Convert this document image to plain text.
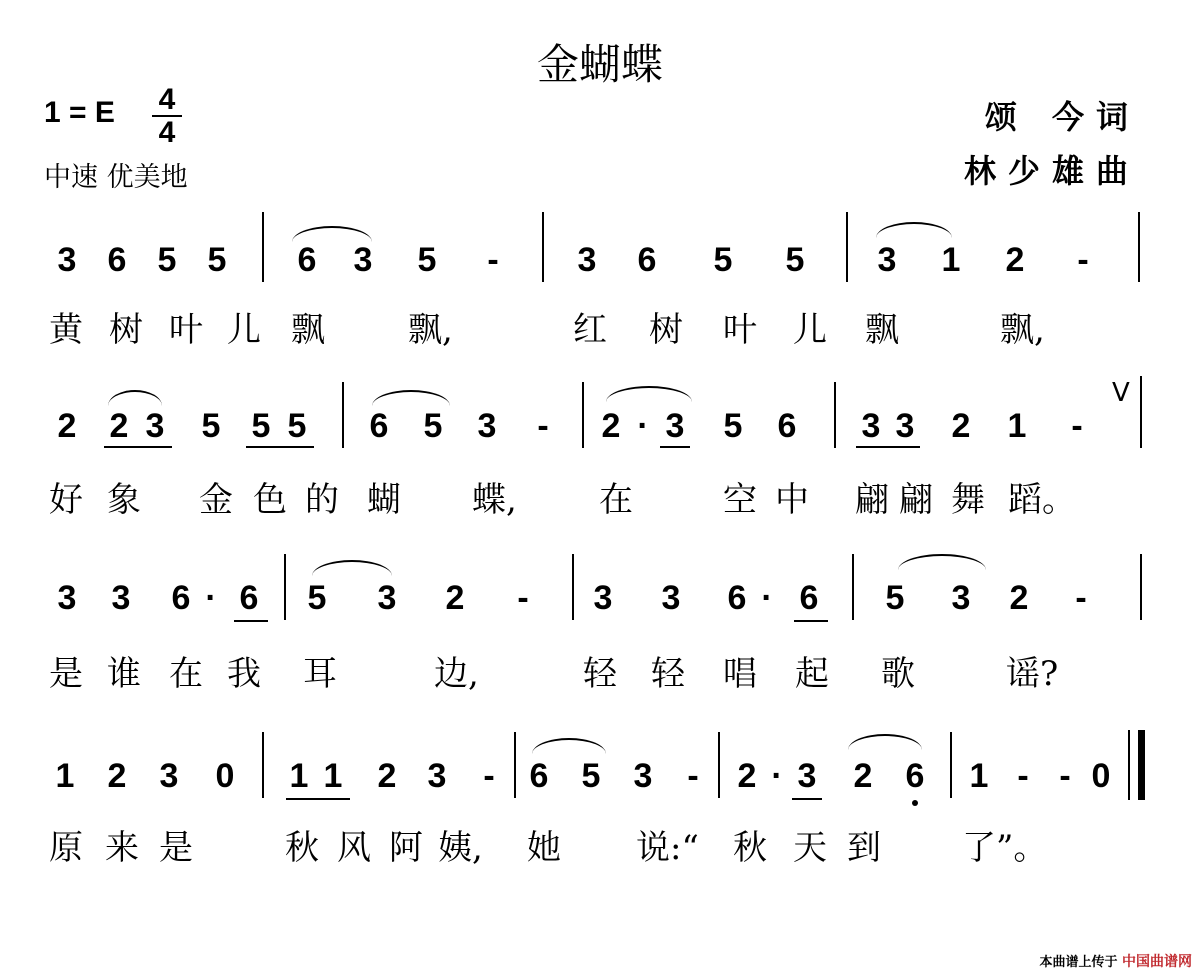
金蝴蝶
1 = E 4
4
中速 优美地
颂 今词
林少雄曲
3 6 5 5 6 3 5 - 3 6 5 5 3 1 2 -
黄 树 叶 儿 飘 飘,	红 树 叶 儿 飘	飘,
2 2 3 5 5 5 6 5 3 - 2 · 3 5 6 3 3 2 1 -
V
好 象 金 色 的 蝴 蝶, 在	空 中 翩 翩 舞 蹈。
3 3 6 · 6 5 3 2 - 3 3 6 · 6 5 3 2 -
是 谁 在 我 耳	边,	轻 轻 唱 起 歌	谣?
1 2 3 0 1 1 2 3 - 6 5 3 - 2 · 3 2 6 1 - - 0
原 来 是	秋 风 阿 姨, 她 说:“	秋 天 到 了”。
本曲谱上传于 中国曲谱网
